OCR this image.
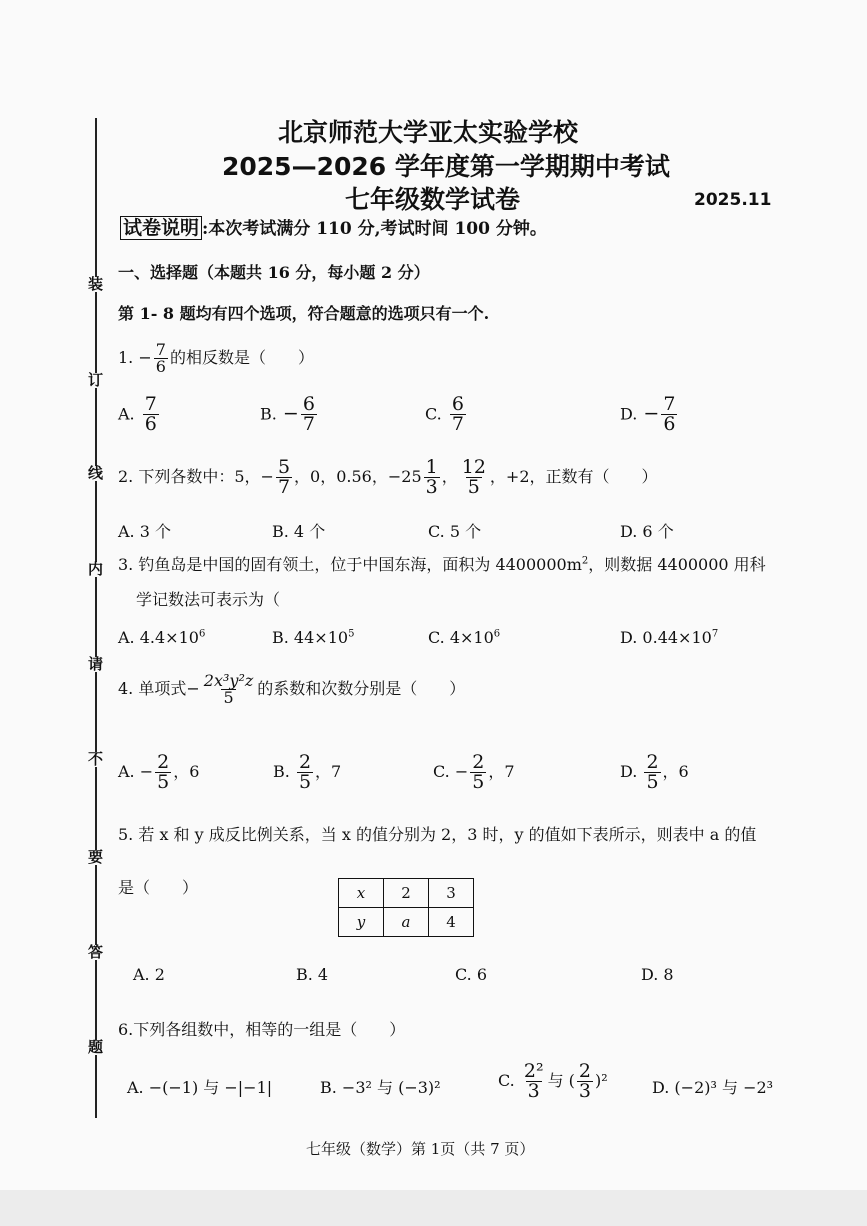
装
订
线
内
请
不
要
答
题
北京师范大学亚太实验学校
2025—2026 学年度第一学期期中考试
七年级数学试卷	2025.11
试卷说明 :本次考试满分 110 分,考试时间 100 分钟。
一、选择题（本题共 16 分，每小题 2 分）
第 1- 8 题均有四个选项，符合题意的选项只有一个.
1. − $\frac{7}{6}$ 的相反数是（　　）
A. $\frac{7}{6}$	B. − $\frac{6}{7}$	C. $\frac{6}{7}$	D. − $\frac{7}{6}$
2. 下列各数中：5，− $\frac{5}{7}$ ，0，0.56，$-25 \frac{1}{3}$ ， $\frac{12}{5}$ ，+2，正数有（　　）
A. 3 个	B. 4 个	C. 5 个	D. 6 个
3. 钓鱼岛是中国的固有领土，位于中国东海，面积为 $4400000m^2$，则数据 4400000 用科
学记数法可表示为（
A. $4.4\times 10^6$	B. $44\times 10^5$	C. $4\times 10^6$	D. $0.44\times 10^7$
4. 单项式− $\frac{\text{2x³y²z}}{5}$ 的系数和次数分别是（　　）
A. − $\frac{2}{5}$ ，6	B. $\frac{2}{5}$ ，7	C. − $\frac{2}{5}$ ，7	D. $\frac{2}{5}$ ，6
5. 若 x 和 y 成反比例关系，当 x 的值分别为 2，3 时，y 的值如下表所示，则表中 a 的值
是（　　）	x	2	3
y	a	4
A. 2	B. 4	C. 6	D. 8
6.下列各组数中，相等的一组是（　　）
A. −(−1) 与 −|−1|	B. −3² 与 (−3)²	C. $\frac{\text{2²}}{3}$ 与 ( $\frac{2}{3} )^2$	D. (−2)³ 与 −2³
七年级（数学）第 1页（共 7 页）
